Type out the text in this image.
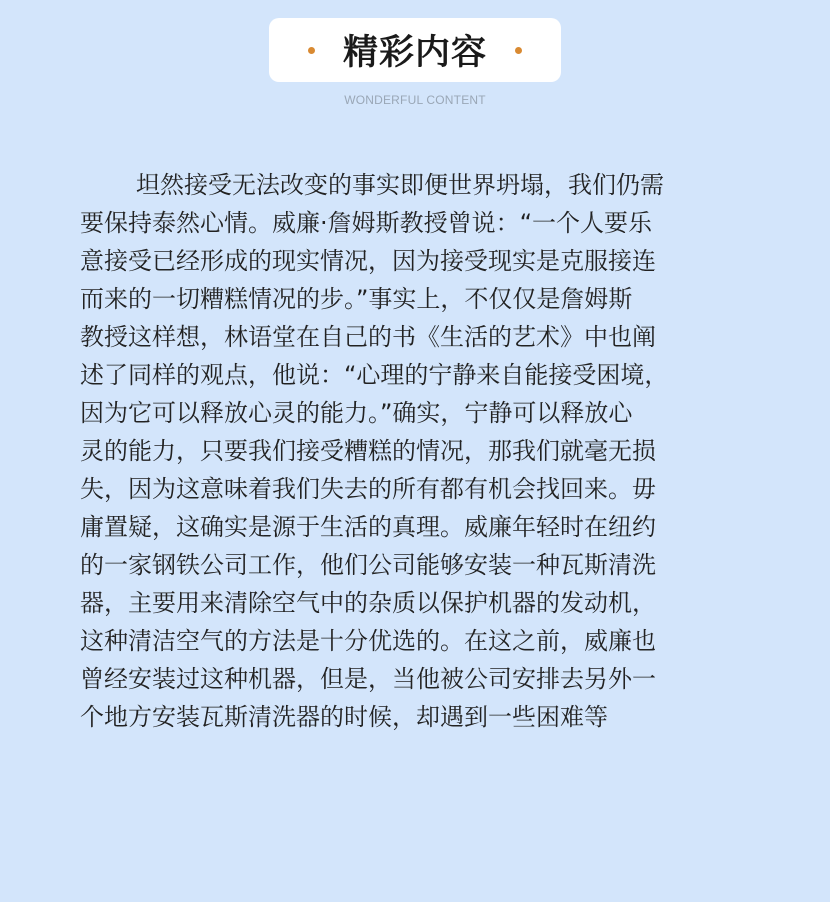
精彩内容
WONDERFUL CONTENT
坦然接受无法改变的事实即便世界坍塌，我们仍需
要保持泰然心情。威廉·詹姆斯教授曾说：“一个人要乐
意接受已经形成的现实情况，因为接受现实是克服接连
而来的一切糟糕情况的步。”事实上，不仅仅是詹姆斯
教授这样想，林语堂在自己的书《生活的艺术》中也阐
述了同样的观点，他说：“心理的宁静来自能接受困境，
因为它可以释放心灵的能力。”确实，宁静可以释放心
灵的能力，只要我们接受糟糕的情况，那我们就毫无损
失，因为这意味着我们失去的所有都有机会找回来。毋
庸置疑，这确实是源于生活的真理。威廉年轻时在纽约
的一家钢铁公司工作，他们公司能够安装一种瓦斯清洗
器，主要用来清除空气中的杂质以保护机器的发动机，
这种清洁空气的方法是十分优选的。在这之前，威廉也
曾经安装过这种机器，但是，当他被公司安排去另外一
个地方安装瓦斯清洗器的时候，却遇到一些困难等
